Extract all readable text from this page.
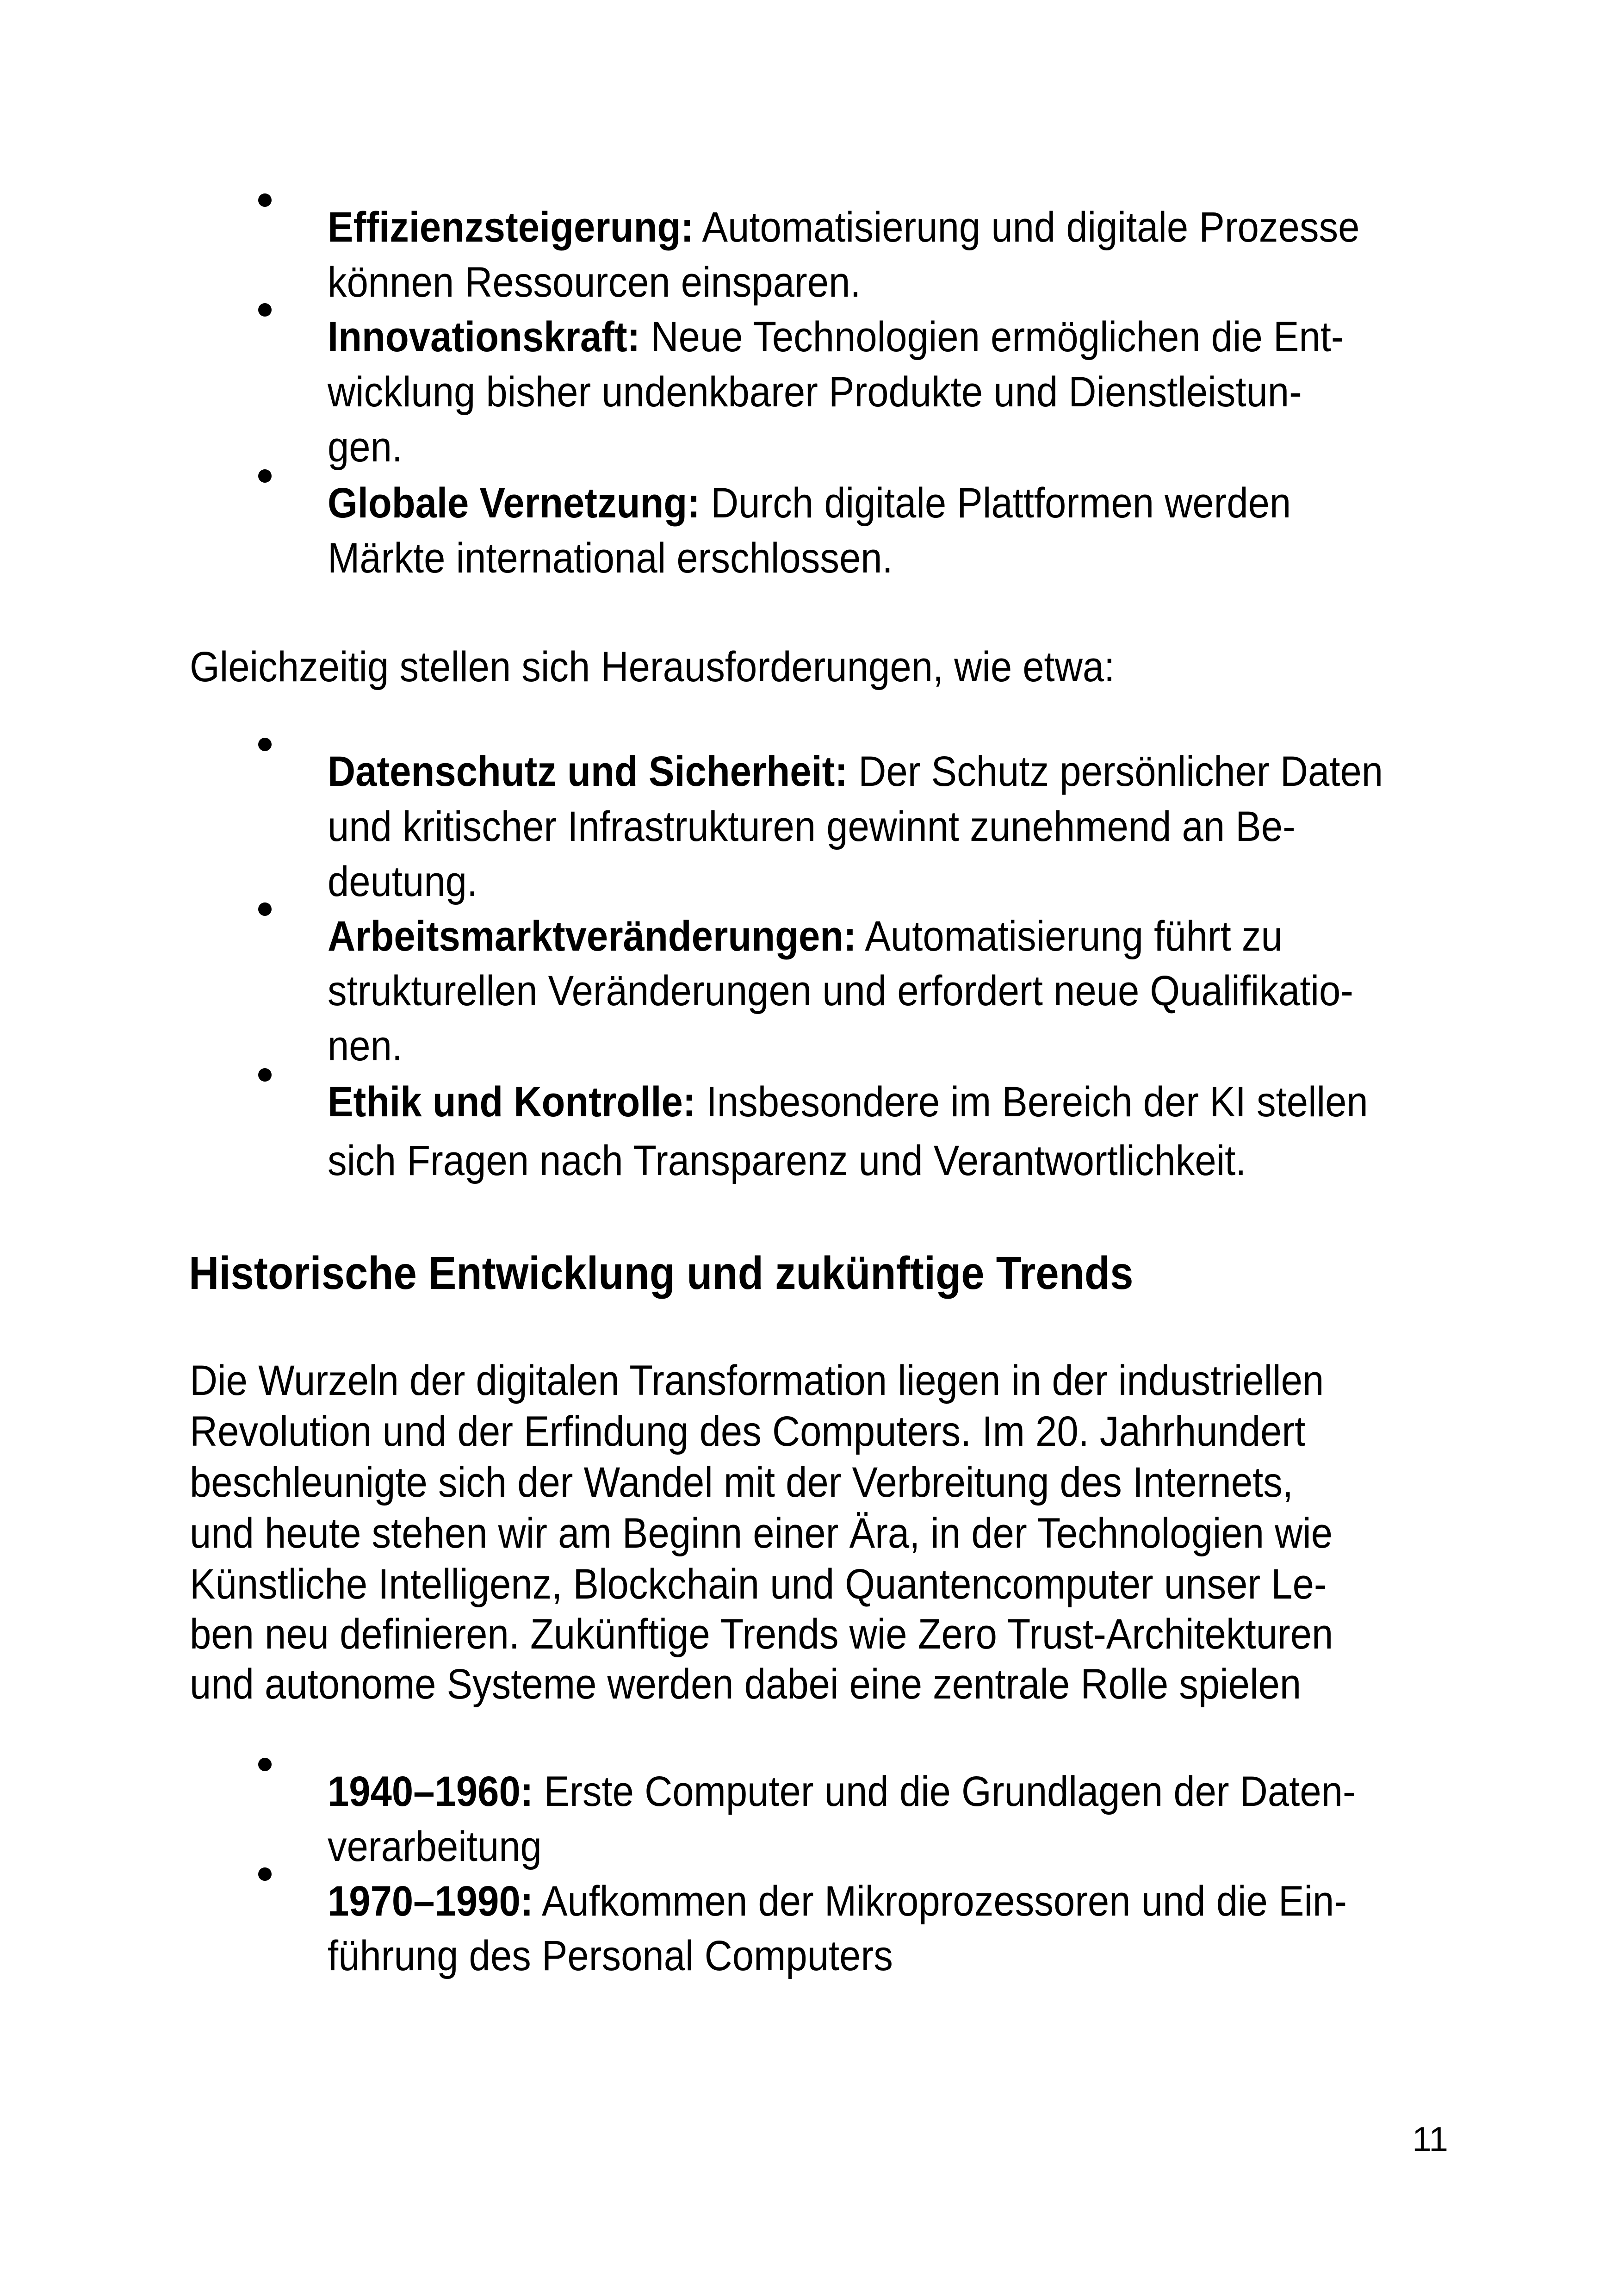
Effizienzsteigerung: Automatisierung und digitale Prozesse
können Ressourcen einsparen.
Innovationskraft: Neue Technologien ermöglichen die Ent-
wicklung bisher undenkbarer Produkte und Dienstleistun-
gen.
Globale Vernetzung: Durch digitale Plattformen werden
Märkte international erschlossen.
Gleichzeitig stellen sich Herausforderungen, wie etwa:
Datenschutz und Sicherheit: Der Schutz persönlicher Daten
und kritischer Infrastrukturen gewinnt zunehmend an Be-
deutung.
Arbeitsmarktveränderungen: Automatisierung führt zu
strukturellen Veränderungen und erfordert neue Qualifikatio-
nen.
Ethik und Kontrolle: Insbesondere im Bereich der KI stellen
sich Fragen nach Transparenz und Verantwortlichkeit.
Historische Entwicklung und zukünftige Trends
Die Wurzeln der digitalen Transformation liegen in der industriellen
Revolution und der Erfindung des Computers. Im 20. Jahrhundert
beschleunigte sich der Wandel mit der Verbreitung des Internets,
und heute stehen wir am Beginn einer Ära, in der Technologien wie
Künstliche Intelligenz, Blockchain und Quantencomputer unser Le-
ben neu definieren. Zukünftige Trends wie Zero Trust-Architekturen
und autonome Systeme werden dabei eine zentrale Rolle spielen
1940–1960: Erste Computer und die Grundlagen der Daten-
verarbeitung
1970–1990: Aufkommen der Mikroprozessoren und die Ein-
führung des Personal Computers
11
